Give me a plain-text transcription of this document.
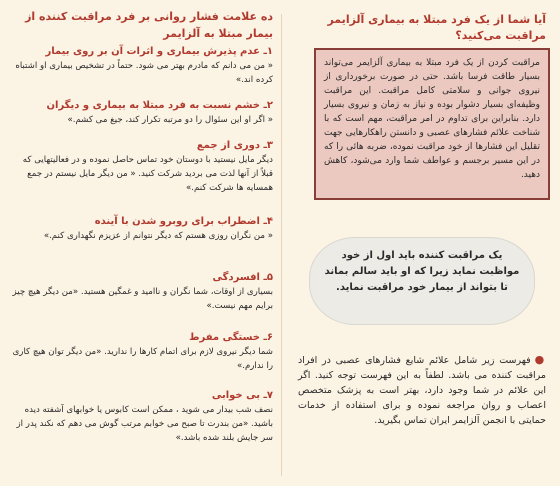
آیا شما از یک فرد مبتلا به بیماری آلزایمر مراقبت می‌کنید؟
مراقبت کردن از یک فرد مبتلا به بیماری آلزایمر می‌تواند بسیار طاقت فرسا باشد. حتی در صورت برخورداری از نیروی جوانی و سلامتی کامل مراقبت. این مراقبت وظیفه‌ای بسیار دشوار بوده و نیاز به زمان و نیروی بسیار دارد. بنابراین برای تداوم در امر مراقبت، مهم است که با شناخت علائم فشارهای عصبی و دانستن راهکارهایی جهت تقلیل این فشارها از خود مراقبت نموده، ضربه هائی را که در این مسیر برجسم و عواطف شما وارد می‌شود، کاهش دهید.
یک مراقبت کننده باید اول از خود مواظبت نماید زیرا که او باید سالم بماند تا بتواند از بیمار خود مراقبت نماید.
●فهرست زیر شامل علائم شایع فشارهای عصبی در افراد مراقبت کننده می باشد. لطفاً به این فهرست توجه کنید. اگر این علائم در شما وجود دارد، بهتر است به پزشک متخصص اعصاب و روان مراجعه نموده و برای استفاده از خدمات حمایتی با انجمن آلزایمر ایران تماس بگیرید.
ده علامت فشار روانی بر فرد مراقبت کننده از بیمار مبتلا به آلزایمر
۱ـ عدم پذیرش بیماری و اثرات آن بر روی بیمار
« من می دانم که مادرم بهتر می شود. حتماً در تشخیص بیماری او اشتباه کرده اند.»
۲ـ خشم نسبت به فرد مبتلا به بیماری و دیگران
« اگر او این سئوال را دو مرتبه تکرار کند، جیغ می کشم.»
۳ـ دوری از جمع
دیگر مایل نیستید با دوستان خود تماس حاصل نموده و در فعالیتهایی که قبلاً از آنها لذت می بردید شرکت کنید. « من دیگر مایل نیستم در جمع همسایه ها شرکت کنم.»
۴ـ اضطراب برای روبرو شدن با آینده
« من نگران روزی هستم که دیگر نتوانم از عزیزم نگهداری کنم.»
۵ـ افسردگی
بسیاری از اوقات، شما نگران و ناامید و غمگین هستید. «من دیگر هیچ چیز برایم مهم نیست.»
۶ـ خستگی مفرط
شما دیگر نیروی لازم برای اتمام کارها را ندارید. «من دیگر توان هیچ کاری را ندارم.»
۷ـ بی خوابی
نصف شب بیدار می شوید ، ممکن است کابوس یا خوابهای آشفته دیده باشید. «من بندرت تا صبح می خوابم مرتب گوش می دهم که نکند پدر از سر جایش بلند شده باشد.»
